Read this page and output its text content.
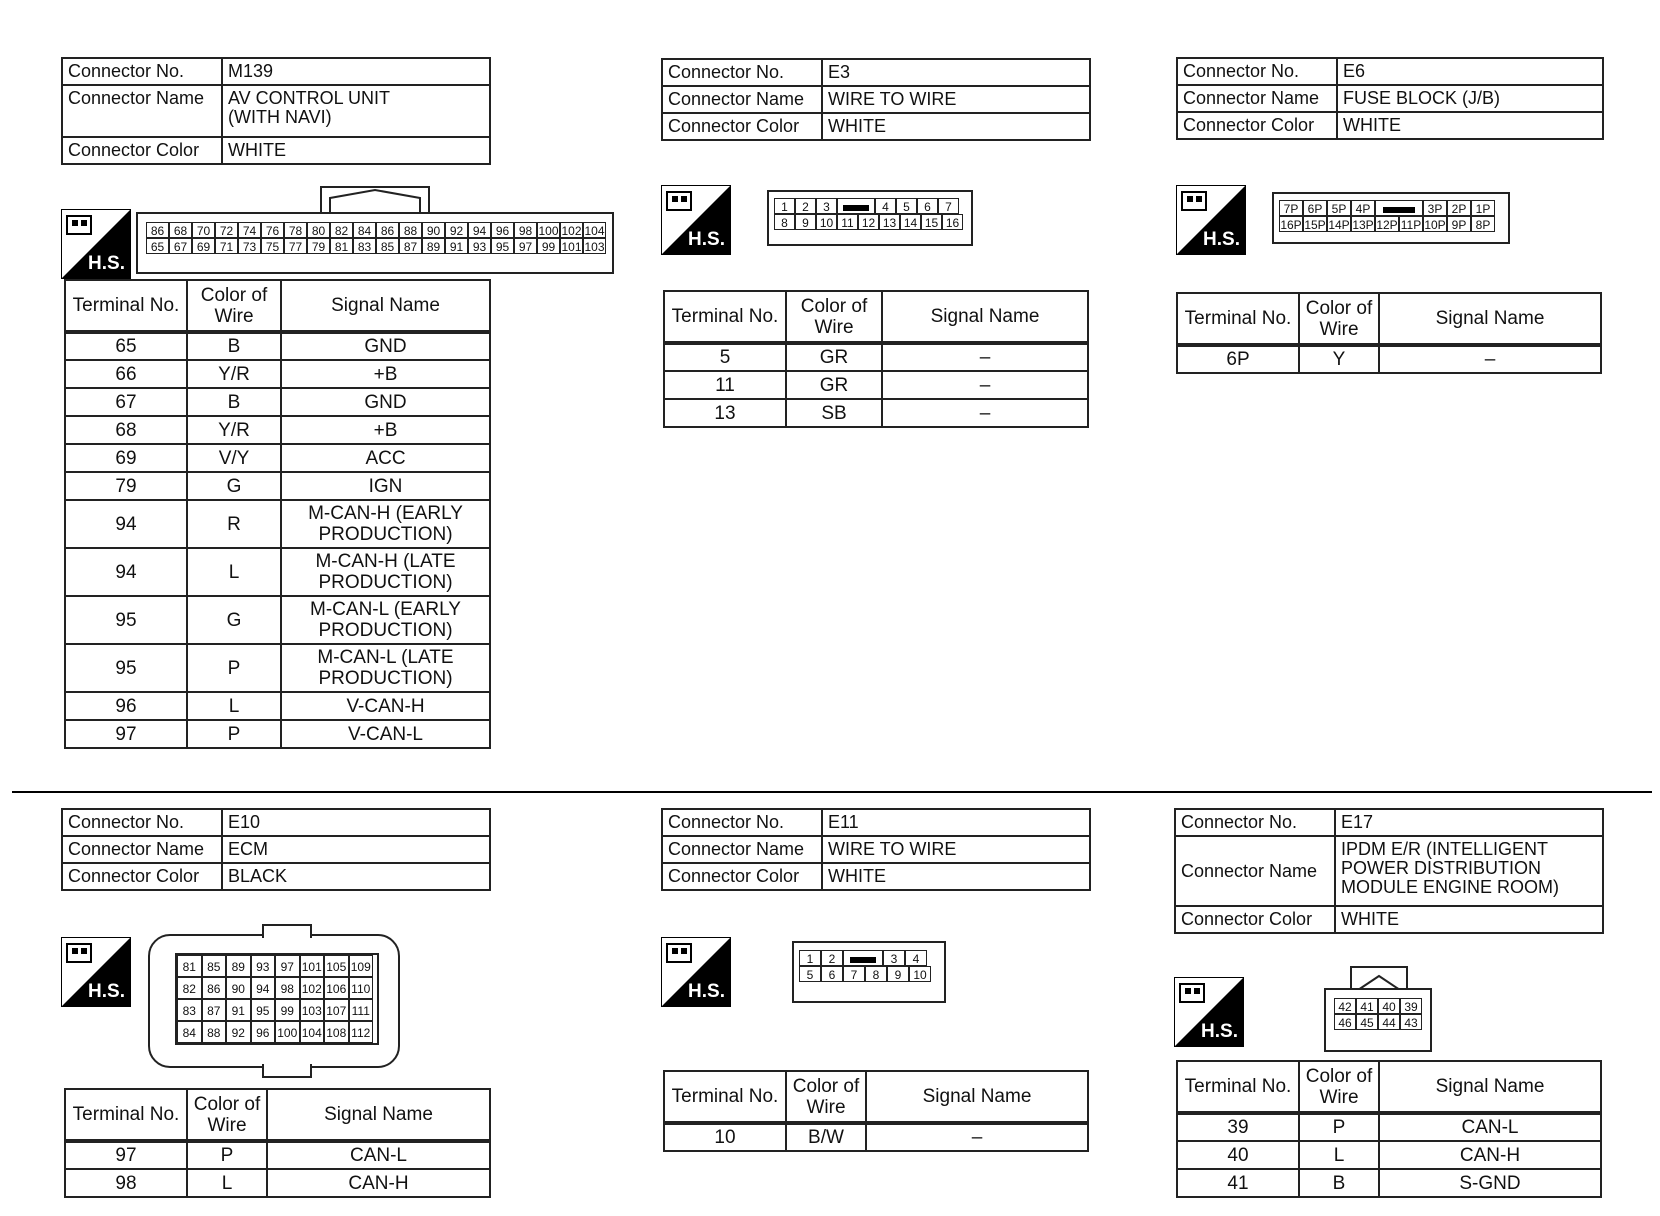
Connector No.	M139
Connector Name	AV CONTROL UNIT (WITH NAVI)
Connector Color	WHITE
H.S.
86 68 70 72 74 76 78 80 82 84 86 88 90 92 94 96 98 100 102 104
65 67 69 71 73 75 77 79 81 83 85 87 89 91 93 95 97 99 101 103
Terminal No.	Color of Wire	Signal Name
65	B	GND
66	Y/R	+B
67	B	GND
68	Y/R	+B
69	V/Y	ACC
79	G	IGN
94	R	M-CAN-H (EARLY PRODUCTION)
94	L	M-CAN-H (LATE PRODUCTION)
95	G	M-CAN-L (EARLY PRODUCTION)
95	P	M-CAN-L (LATE PRODUCTION)
96	L	V-CAN-H
97	P	V-CAN-L
Connector No.	E3
Connector Name	WIRE TO WIRE
Connector Color	WHITE
H.S.
1 2 3	4 5 6 7
8 9 10 11 12 13 14 15 16
Terminal No.	Color of Wire	Signal Name
5	GR	–
11	GR	–
13	SB	–
Connector No.	E6
Connector Name	FUSE BLOCK (J/B)
Connector Color	WHITE
H.S.
7P 6P 5P 4P	3P 2P 1P
16P 15P 14P 13P 12P 11P 10P 9P 8P
Terminal No.	Color of Wire	Signal Name
6P	Y	–
Connector No.	E10
Connector Name	ECM
Connector Color	BLACK
H.S.
81 85 89 93 97 101 105 109
82 86 90 94 98 102 106 110
83 87 91 95 99 103 107 111
84 88 92 96 100 104 108 112
Terminal No.	Color of Wire	Signal Name
97	P	CAN-L
98	L	CAN-H
Connector No.	E11
Connector Name	WIRE TO WIRE
Connector Color	WHITE
H.S.
1 2	3 4
5 6 7 8 9 10
Terminal No.	Color of Wire	Signal Name
10	B/W	–
Connector No.	E17
Connector Name	IPDM E/R (INTELLIGENT POWER DISTRIBUTION MODULE ENGINE ROOM)
Connector Color	WHITE
H.S.
42 41 40 39
46 45 44 43
Terminal No.	Color of Wire	Signal Name
39	P	CAN-L
40	L	CAN-H
41	B	S-GND
